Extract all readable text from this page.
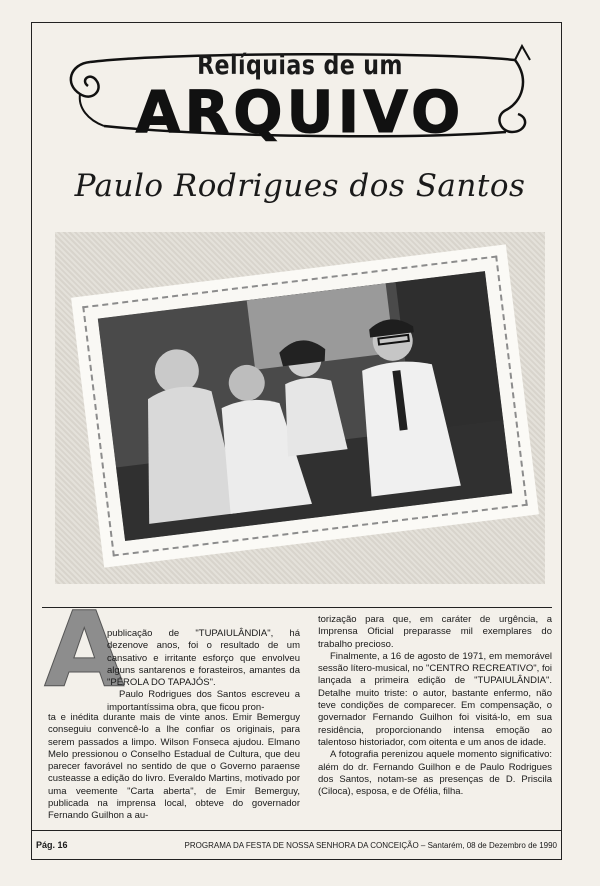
Relíquias de um
ARQUIVO
Paulo Rodrigues dos Santos
A

publicação de "TUPAIULÂNDIA", há dezenove anos, foi o resultado de um cansativo e irritante esforço que envolveu alguns santarenos e forasteiros, amantes da "PÉROLA DO TAPAJÓS".

Paulo Rodrigues dos Santos escreveu a importantíssima obra, que ficou pron-

ta e inédita durante mais de vinte anos. Emir Bemerguy conseguiu convencê-lo a lhe confiar os originais, para serem passados a limpo. Wilson Fonseca ajudou. Elmano Melo pressionou o Conselho Estadual de Cultura, que deu parecer favorável no sentido de que o Governo paraense custeasse a edição do livro. Everaldo Martins, motivado por uma veemente "Carta aberta", de Emir Bemerguy, publicada na imprensa local, obteve do governador Fernando Guilhon a au-

torização para que, em caráter de urgência, a Imprensa Oficial preparasse mil exemplares do trabalho precioso.

Finalmente, a 16 de agosto de 1971, em memorável sessão lítero-musical, no "CENTRO RECREATIVO", foi lançada a primeira edição de "TUPAIULÂNDIA". Detalhe muito triste: o autor, bastante enfermo, não teve condições de comparecer. Em compensação, o governador Fernando Guilhon foi visitá-lo, em sua residência, proporcionando intensa emoção ao talentoso historiador, com oitenta e um anos de idade.

A fotografia perenizou aquele momento significativo: além do dr. Fernando Guilhon e de Paulo Rodrigues dos Santos, notam-se as presenças de D. Priscila (Ciloca), esposa, e de Ofélia, filha.

Pág. 16	PROGRAMA DA FESTA DE NOSSA SENHORA DA CONCEIÇÃO – Santarém, 08 de Dezembro de 1990
